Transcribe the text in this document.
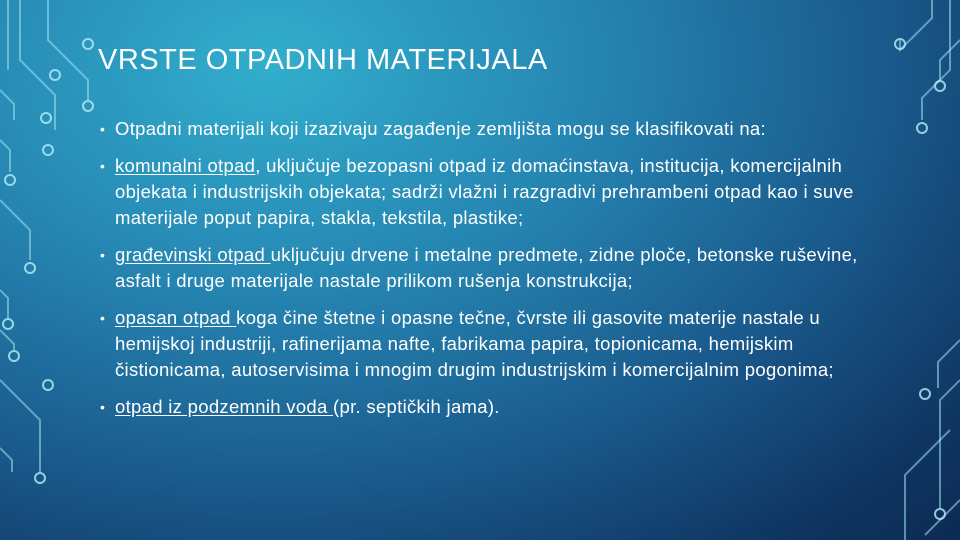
VRSTE OTPADNIH MATERIJALA
• Otpadni materijali koji izazivaju zagađenje zemljišta mogu se klasifikovati na:
• komunalni otpad, uključuje bezopasni otpad iz domaćinstava, institucija, komercijalnih objekata i industrijskih objekata; sadrži vlažni i razgradivi prehrambeni otpad kao i suve materijale poput papira, stakla, tekstila, plastike;
• građevinski otpad uključuju drvene i metalne predmete, zidne ploče, betonske ruševine, asfalt i druge materijale nastale prilikom rušenja konstrukcija;
• opasan otpad koga čine štetne i opasne tečne, čvrste ili gasovite materije nastale u hemijskoj industriji, rafinerijama nafte, fabrikama papira, topionicama, hemijskim čistionicama, autoservisima i mnogim drugim industrijskim i komercijalnim pogonima;
• otpad iz podzemnih voda (pr. septičkih jama).
